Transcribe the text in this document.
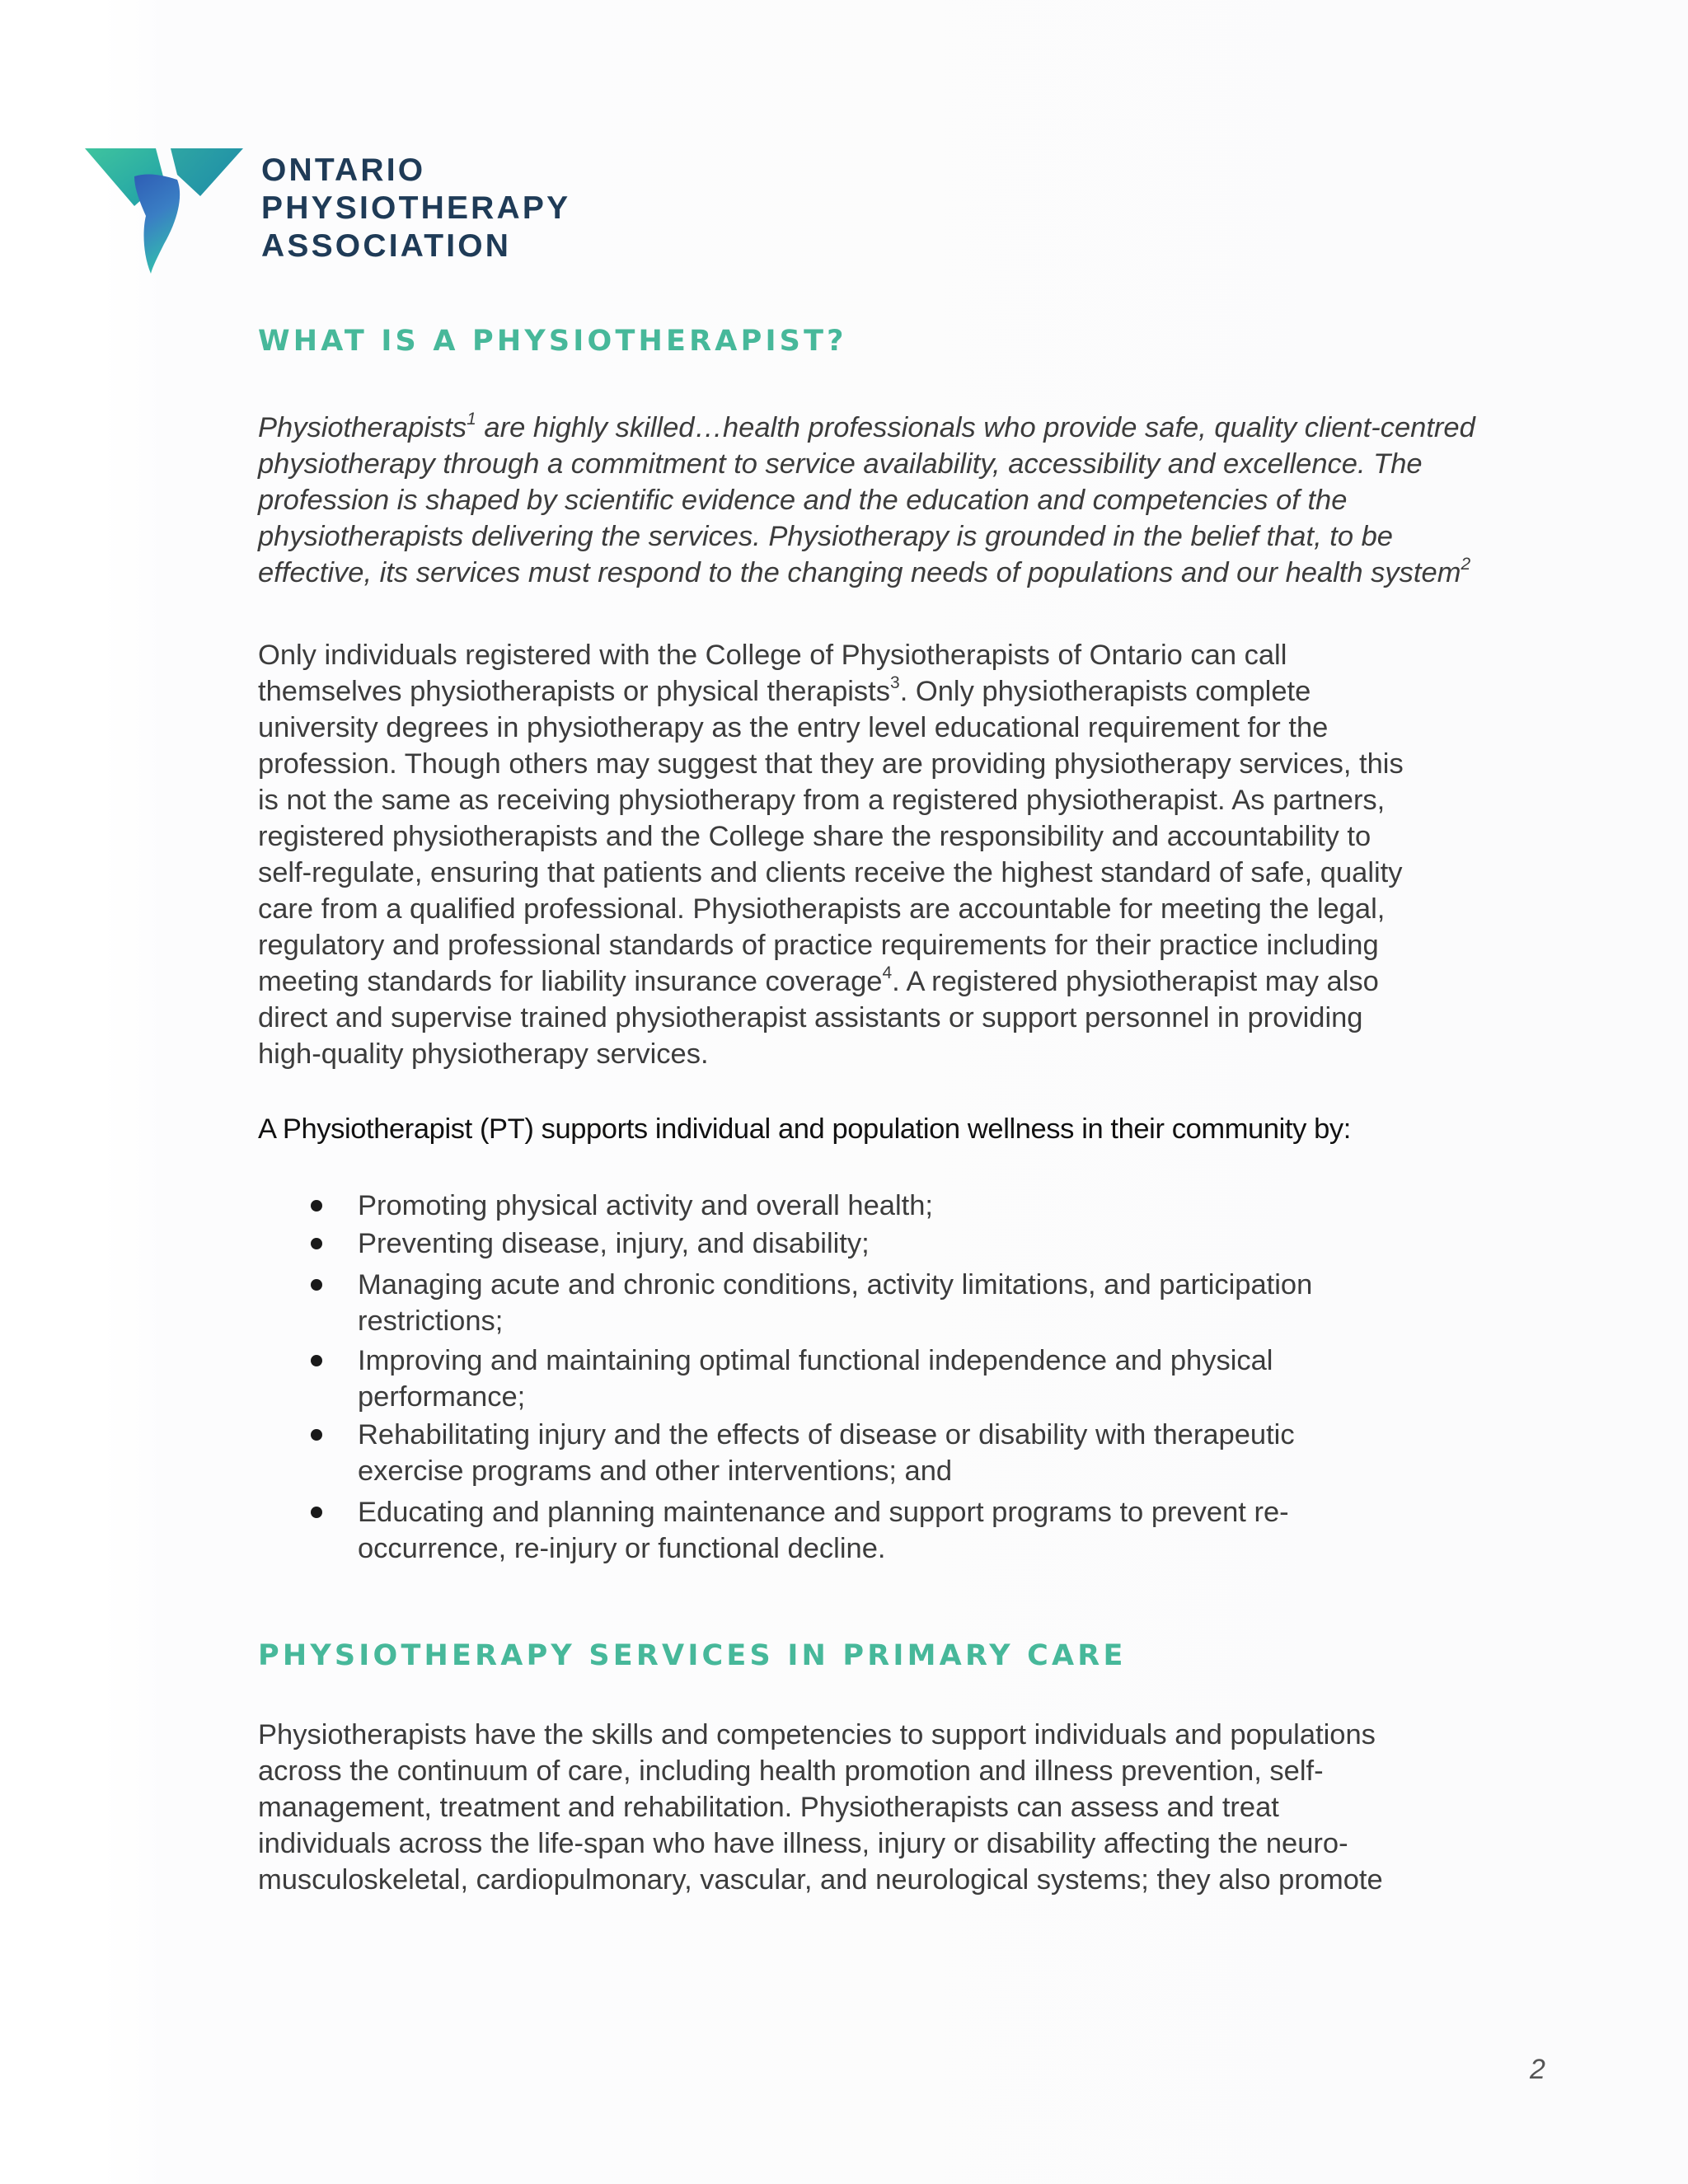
ONTARIO
PHYSIOTHERAPY
ASSOCIATION
WHAT IS A PHYSIOTHERAPIST?

Physiotherapists$^1$ are highly skilled…health professionals who provide safe, quality client-centred
physiotherapy through a commitment to service availability, accessibility and excellence. The
profession is shaped by scientific evidence and the education and competencies of the
physiotherapists delivering the services. Physiotherapy is grounded in the belief that, to be
effective, its services must respond to the changing needs of populations and our health system$^2$

Only individuals registered with the College of Physiotherapists of Ontario can call
themselves physiotherapists or physical therapists$^3$. Only physiotherapists complete
university degrees in physiotherapy as the entry level educational requirement for the
profession. Though others may suggest that they are providing physiotherapy services, this
is not the same as receiving physiotherapy from a registered physiotherapist. As partners,
registered physiotherapists and the College share the responsibility and accountability to
self-regulate, ensuring that patients and clients receive the highest standard of safe, quality
care from a qualified professional. Physiotherapists are accountable for meeting the legal,
regulatory and professional standards of practice requirements for their practice including
meeting standards for liability insurance coverage$^4$. A registered physiotherapist may also
direct and supervise trained physiotherapist assistants or support personnel in providing
high-quality physiotherapy services.

A Physiotherapist (PT) supports individual and population wellness in their community by:

Promoting physical activity and overall health;
Preventing disease, injury, and disability;
Managing acute and chronic conditions, activity limitations, and participation
restrictions;
Improving and maintaining optimal functional independence and physical
performance;
Rehabilitating injury and the effects of disease or disability with therapeutic
exercise programs and other interventions; and
Educating and planning maintenance and support programs to prevent re-
occurrence, re-injury or functional decline.
PHYSIOTHERAPY SERVICES IN PRIMARY CARE

Physiotherapists have the skills and competencies to support individuals and populations
across the continuum of care, including health promotion and illness prevention, self-
management, treatment and rehabilitation. Physiotherapists can assess and treat
individuals across the life-span who have illness, injury or disability affecting the neuro-
musculoskeletal, cardiopulmonary, vascular, and neurological systems; they also promote

2
